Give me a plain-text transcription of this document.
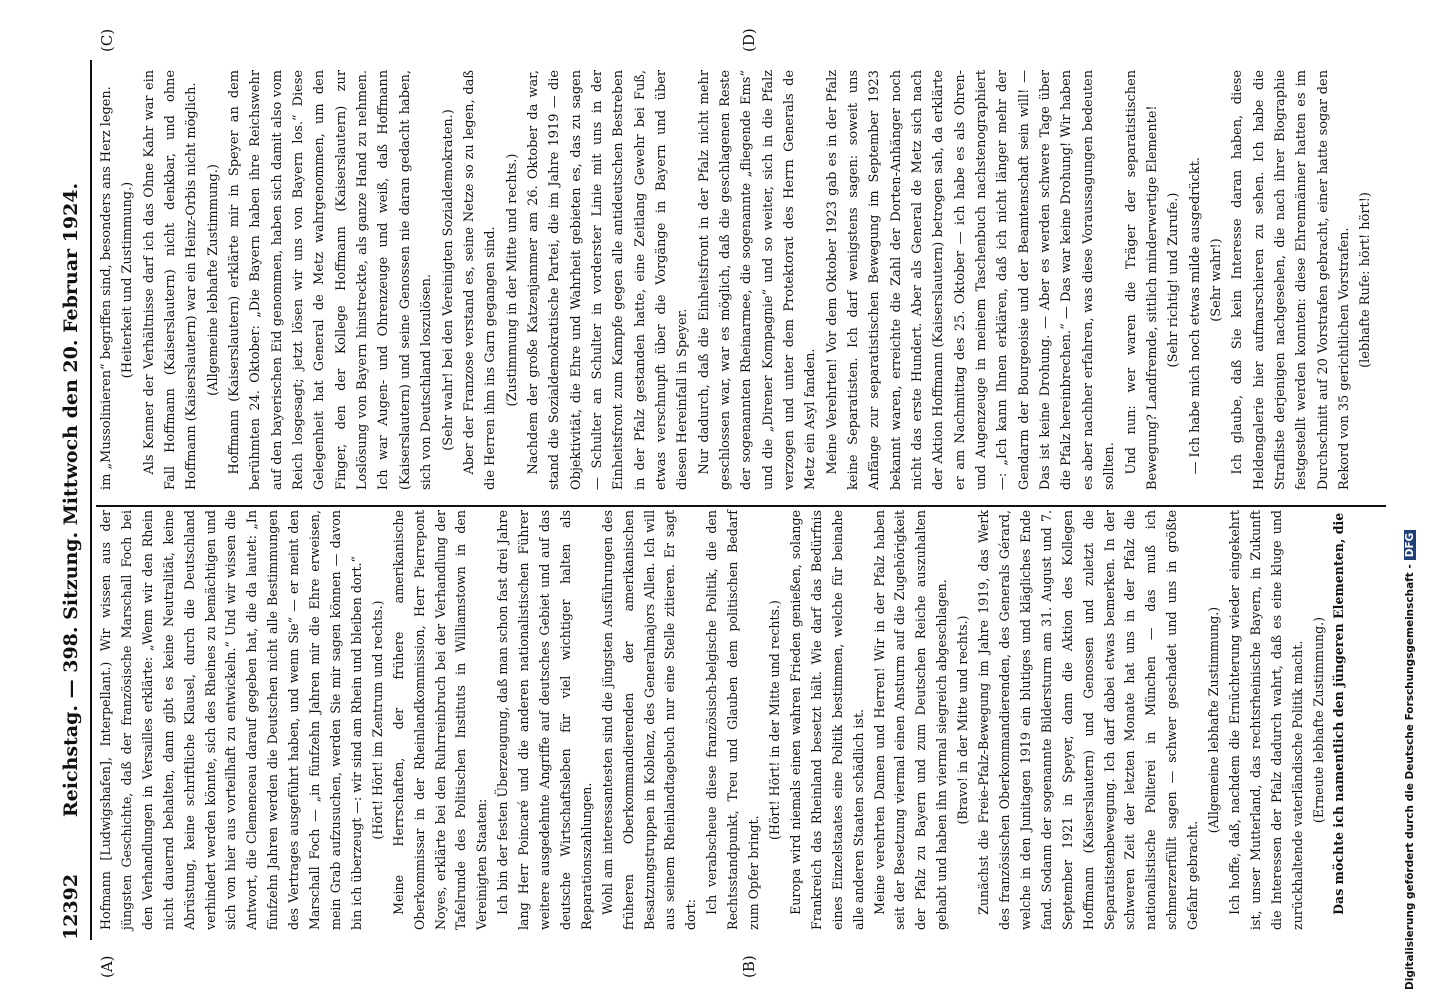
12392
Reichstag. — 398. Sitzung. Mittwoch den 20. Februar 1924.
(A)	(B)
(C)	(D)

Hofmann [Ludwigshafen], Interpellant.) Wir wissen aus der jüngsten Geschichte, daß der französische Marschall Foch bei den Verhandlungen in Versailles erklärte: „Wenn wir den Rhein nicht dauernd behalten, dann gibt es keine Neutralität, keine Abrüstung, keine schriftliche Klausel, durch die Deutschland verhindert werden könnte, sich des Rheines zu bemächtigen und sich von hier aus vorteilhaft zu entwickeln.“ Und wir wissen die Antwort, die Clemenceau darauf gegeben hat, die da lautet: „In fünfzehn Jahren werden die Deutschen nicht alle Bestimmungen des Vertrages ausgeführt haben, und wenn Sie“ — er meint den Marschall Foch — „in fünfzehn Jahren mir die Ehre erweisen, mein Grab aufzusuchen, werden Sie mir sagen können — davon bin ich überzeugt —: wir sind am Rhein und bleiben dort.“ (Hört! Hört! im Zentrum und rechts.) Meine Herrschaften, der frühere amerikanische Oberkommissar in der Rheinlandkommission, Herr Pierrepont Noyes, erklärte bei den Ruhrreinbruch bei der Verhandlung der Tafelrunde des Politischen Instituts in Williamstown in den Vereinigten Staaten: Ich bin der festen Überzeugung, daß man schon fast drei Jahre lang Herr Poincaré und die anderen nationalistischen Führer weitere ausgedehnte Angriffe auf deutsches Gebiet und auf das deutsche Wirtschaftsleben für viel wichtiger halten als Reparationszahlungen. Wohl am interessantesten sind die jüngsten Ausführungen des früheren Oberkommandierenden der amerikanischen Besatzungstruppen in Koblenz, des Generalmajors Allen. Ich will aus seinem Rheinlandtagebuch nur eine Stelle zitieren. Er sagt dort: Ich verabscheue diese französisch-belgische Politik, die den Rechtsstandpunkt, Treu und Glauben dem politischen Bedarf zum Opfer bringt.

(Hört! Hört! in der Mitte und rechts.) Europa wird niemals einen wahren Frieden genießen, solange Frankreich das Rheinland besetzt hält. Wie darf das Bedürfnis eines Einzelstaates eine Politik bestimmen, welche für beinahe alle anderen Staaten schädlich ist. Meine verehrten Damen und Herren! Wir in der Pfalz haben seit der Besetzung viermal einen Ansturm auf die Zugehörigkeit der Pfalz zu Bayern und zum Deutschen Reiche auszuhalten gehabt und haben ihn viermal siegreich abgeschlagen. (Bravo! in der Mitte und rechts.) Zunächst die Freie-Pfalz-Bewegung im Jahre 1919, das Werk des französischen Oberkommandierenden, des Generals Gérard, welche in den Junitagen 1919 ein blutiges und klägliches Ende fand. Sodann der sogenannte Bildersturm am 31. August und 7. September 1921 in Speyer, dann die Aktion des Kollegen Hoffmann (Kaiserslautern) und Genossen und zuletzt die Separatistenbewegung. Ich darf dabei etwas bemerken. In der schweren Zeit der letzten Monate hat uns in der Pfalz die nationalistische Politerei in München — das muß ich schmerzerfüllt sagen — schwer geschadet und uns in größte Gefahr gebracht.

(Allgemeine lebhafte Zustimmung.) Ich hoffe, daß, nachdem die Ernüchterung wieder eingekehrt ist, unser Mutterland, das rechtsrheinische Bayern, in Zukunft die Interessen der Pfalz dadurch wahrt, daß es eine kluge und zurückhaltende vaterländische Politik macht. (Erneute lebhafte Zustimmung.) Das möchte ich namentlich den jüngeren Elementen, die

im „Mussolinieren“ begriffen sind, besonders ans Herz legen. (Heiterkeit und Zustimmung.) Als Kenner der Verhältnisse darf ich das Ohne Kahr war ein Fall Hoffmann (Kaiserslautern) nicht denkbar, und ohne Hoffmann (Kaiserslautern) war ein Heinz-Orbis nicht möglich. (Allgemeine lebhafte Zustimmung.) Hoffmann (Kaiserslautern) erklärte mir in Speyer an dem berühmten 24. Oktober: „Die Bayern haben ihre Reichswehr auf den bayerischen Eid genommen, haben sich damit also vom Reich losgesagt; jetzt lösen wir uns von Bayern los.“ Diese Gelegenheit hat General de Metz wahrgenommen, um den Finger, den der Kollege Hoffmann (Kaiserslautern) zur Loslösung von Bayern hinstreckte, als ganze Hand zu nehmen. Ich war Augen- und Ohrenzeuge und weiß, daß Hoffmann (Kaiserslautern) und seine Genossen nie daran gedacht haben, sich von Deutschland loszulösen. (Sehr wahr! bei den Vereinigten Sozialdemokraten.) Aber der Franzose verstand es, seine Netze so zu legen, daß die Herren ihm ins Garn gegangen sind. (Zustimmung in der Mitte und rechts.) Nachdem der große Katzenjammer am 26. Oktober da war, stand die Sozialdemokratische Partei, die im Jahre 1919 — die Objektivität, die Ehre und Wahrheit gebieten es, das zu sagen — Schulter an Schulter in vorderster Linie mit uns in der Einheitsfront zum Kampfe gegen alle antideutschen Bestreben in der Pfalz gestanden hatte, eine Zeitlang Gewehr bei Fuß, etwas verschnupft über die Vorgänge in Bayern und über diesen Hereinfall in Speyer. Nur dadurch, daß die Einheitsfront in der Pfalz nicht mehr geschlossen war, war es möglich, daß die geschlagenen Reste der sogenannten Rheinarmee, die sogenannte „fliegende Ems“ und die „Direner Kompagnie“ und so weiter, sich in die Pfalz verzogen und unter dem Protektorat des Herrn Generals de Metz ein Asyl fanden. Meine Verehrten! Vor dem Oktober 1923 gab es in der Pfalz keine Separatisten. Ich darf wenigstens sagen: soweit uns Anfänge zur separatistischen Bewegung im September 1923 bekannt waren, erreichte die Zahl der Dorten-Anhänger noch nicht das erste Hundert. Aber als General de Metz sich nach der Aktion Hoffmann (Kaiserslautern) betrogen sah, da erklärte er am Nachmittag des 25. Oktober — ich habe es als Ohren- und Augenzeuge in meinem Taschenbuch nachstenographiert —: „Ich kann Ihnen erklären, daß ich nicht länger mehr der Gendarm der Bourgeoisie und der Beamtenschaft sein will! — Das ist keine Drohung. — Aber es werden schwere Tage über die Pfalz hereinbrechen.“ — Das war keine Drohung! Wir haben es aber nachher erfahren, was diese Voraussagungen bedeuten sollten. Und nun: wer waren die Träger der separatistischen Bewegung? Landfremde, sittlich minderwertige Elemente! (Sehr richtig! und Zurufe.) — Ich habe mich noch etwas milde ausgedrückt. (Sehr wahr!) Ich glaube, daß Sie kein Interesse daran haben, diese Heldengalerie hier aufmarschieren zu sehen. Ich habe die Strafliste derjenigen nachgesehen, die nach ihrer Biographie festgestellt werden konnten: diese Ehrenmänner hatten es im Durchschnitt auf 20 Vorstrafen gebracht, einer hatte sogar den Rekord von 35 gerichtlichen Vorstrafen. (lebhafte Rufe: hört! hört!)

Digitalisierung gefördert durch die Deutsche Forschungsgemeinschaft -DFG
